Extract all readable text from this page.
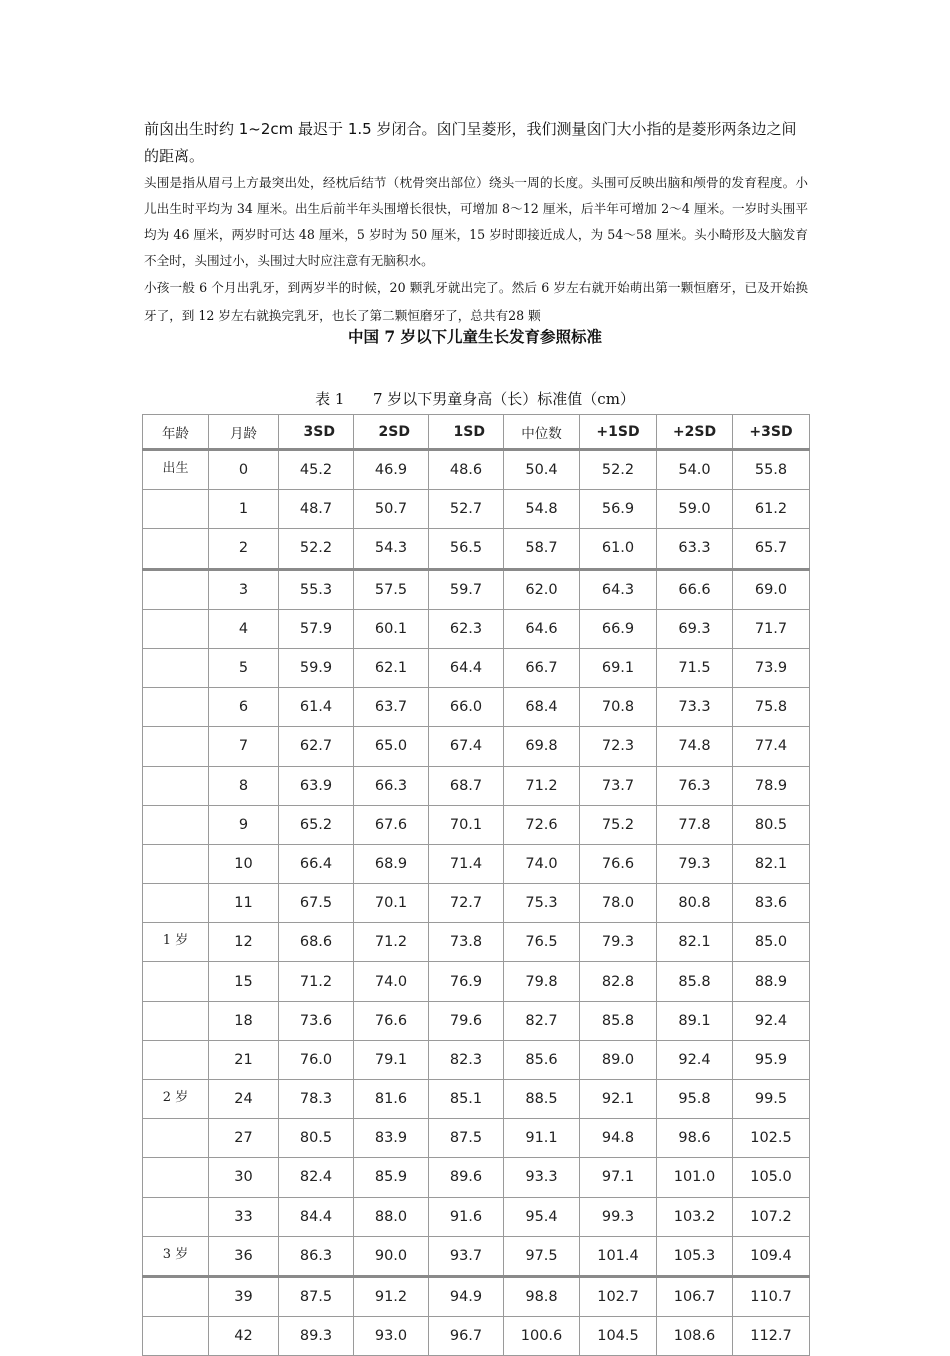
前囟出生时约 1~2cm 最迟于 1.5 岁闭合。囟门呈菱形，我们测量囟门大小指的是菱形两条边之间的距离。

头围是指从眉弓上方最突出处，经枕后结节（枕骨突出部位）绕头一周的长度。头围可反映出脑和颅骨的发育程度。小儿出生时平均为 34 厘米。出生后前半年头围增长很快，可增加 8～12 厘米，后半年可增加 2～4 厘米。一岁时头围平均为 46 厘米，两岁时可达 48 厘米，5 岁时为 50 厘米，15 岁时即接近成人，为 54～58 厘米。头小畸形及大脑发育不全时，头围过小，头围过大时应注意有无脑积水。

小孩一般 6 个月出乳牙，到两岁半的时候，20 颗乳牙就出完了。然后 6 岁左右就开始萌出第一颗恒磨牙，已及开始换牙了，到 12 岁左右就换完乳牙，也长了第二颗恒磨牙了，总共有28 颗

中国 7 岁以下儿童生长发育参照标准
表 1      7 岁以下男童身高（长）标准值（cm）
年龄	月龄	3SD	2SD	1SD	中位数	+1SD	+2SD	+3SD
出生	0	45.2	46.9	48.6	50.4	52.2	54.0	55.8
	1	48.7	50.7	52.7	54.8	56.9	59.0	61.2
	2	52.2	54.3	56.5	58.7	61.0	63.3	65.7
	3	55.3	57.5	59.7	62.0	64.3	66.6	69.0
	4	57.9	60.1	62.3	64.6	66.9	69.3	71.7
	5	59.9	62.1	64.4	66.7	69.1	71.5	73.9
	6	61.4	63.7	66.0	68.4	70.8	73.3	75.8
	7	62.7	65.0	67.4	69.8	72.3	74.8	77.4
	8	63.9	66.3	68.7	71.2	73.7	76.3	78.9
	9	65.2	67.6	70.1	72.6	75.2	77.8	80.5
	10	66.4	68.9	71.4	74.0	76.6	79.3	82.1
	11	67.5	70.1	72.7	75.3	78.0	80.8	83.6
1 岁	12	68.6	71.2	73.8	76.5	79.3	82.1	85.0
	15	71.2	74.0	76.9	79.8	82.8	85.8	88.9
	18	73.6	76.6	79.6	82.7	85.8	89.1	92.4
	21	76.0	79.1	82.3	85.6	89.0	92.4	95.9
2 岁	24	78.3	81.6	85.1	88.5	92.1	95.8	99.5
	27	80.5	83.9	87.5	91.1	94.8	98.6	102.5
	30	82.4	85.9	89.6	93.3	97.1	101.0	105.0
	33	84.4	88.0	91.6	95.4	99.3	103.2	107.2
3 岁	36	86.3	90.0	93.7	97.5	101.4	105.3	109.4
	39	87.5	91.2	94.9	98.8	102.7	106.7	110.7
	42	89.3	93.0	96.7	100.6	104.5	108.6	112.7
